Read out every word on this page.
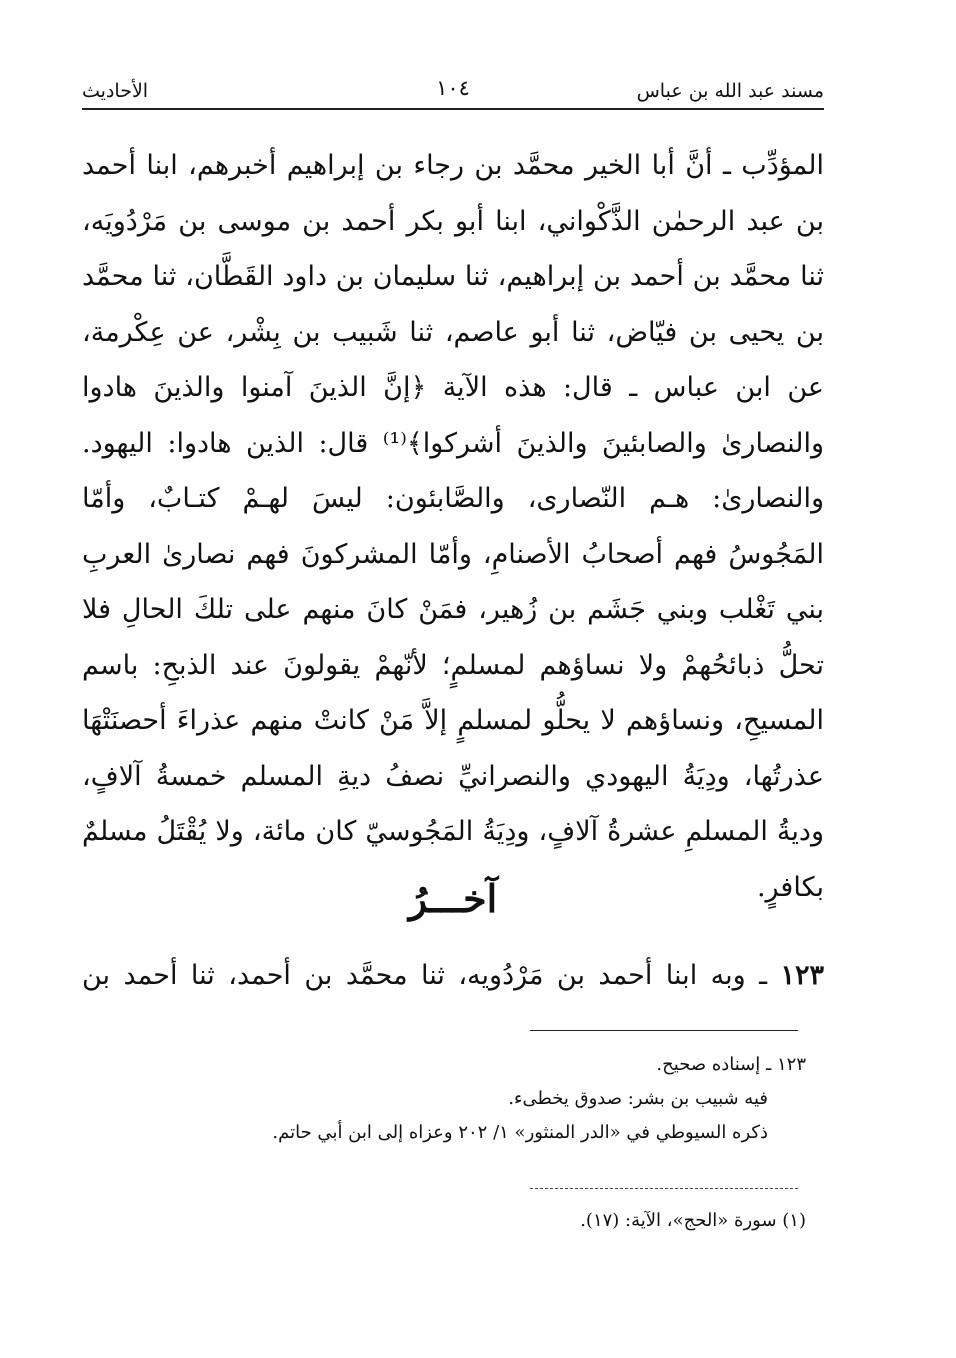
مسند عبد الله بن عباس
١٠٤
الأحاديث

المؤدِّب ـ أنَّ أبا الخير محمَّد بن رجاء بن إبراهيم أخبرهم، ابنا أحمد بن عبد الرحمٰن الذَّكْواني، ابنا أبو بكر أحمد بن موسى بن مَرْدُويَه، ثنا محمَّد بن أحمد بن إبراهيم، ثنا سليمان بن داود القَطَّان، ثنا محمَّد بن يحيى بن فيّاض، ثنا أبو عاصم، ثنا شَبيب بن بِشْر، عن عِكْرمة، عن ابن عباس ـ قال: هذه الآية ﴿إنَّ الذينَ آمنوا والذينَ هادوا والنصارىٰ والصابئينَ والذينَ أشركوا﴾⁽¹⁾ قال: الذين هادوا: اليهود. والنصارىٰ: هـم النّصارى، والصَّابئون: ليسَ لهـمْ كتـابٌ، وأمّا المَجُوسُ فهم أصحابُ الأصنامِ، وأمّا المشركونَ فهم نصارىٰ العربِ بني تَغْلب وبني جَشَم بن زُهير، فمَنْ كانَ منهم على تلكَ الحالِ فلا تحلُّ ذبائحُهمْ ولا نساؤهم لمسلمٍ؛ لأنّهمْ يقولونَ عند الذبحِ: باسم المسيحِ، ونساؤهم لا يحلُّو لمسلمٍ إلاَّ مَنْ كانتْ منهم عذراءَ أحصنَتْهَا عذرتُها، ودِيَةُ اليهودي والنصرانيِّ نصفُ ديةِ المسلم خمسةُ آلافٍ، وديةُ المسلمِ عشرةُ آلافٍ، ودِيَةُ المَجُوسيّ كان مائة، ولا يُقْتَلُ مسلمٌ بكافرٍ.

آخـــرُ
١٢٣ ـ وبه ابنا أحمد بن مَرْدُويه، ثنا محمَّد بن أحمد، ثنا أحمد بن

١٢٣ ـ إسناده صحيح.

فيه شبيب بن بشر: صدوق يخطىء.

ذكره السيوطي في «الدر المنثور» ١/ ٢٠٢ وعزاه إلى ابن أبي حاتم.

(١) سورة «الحج»، الآية: (١٧).
